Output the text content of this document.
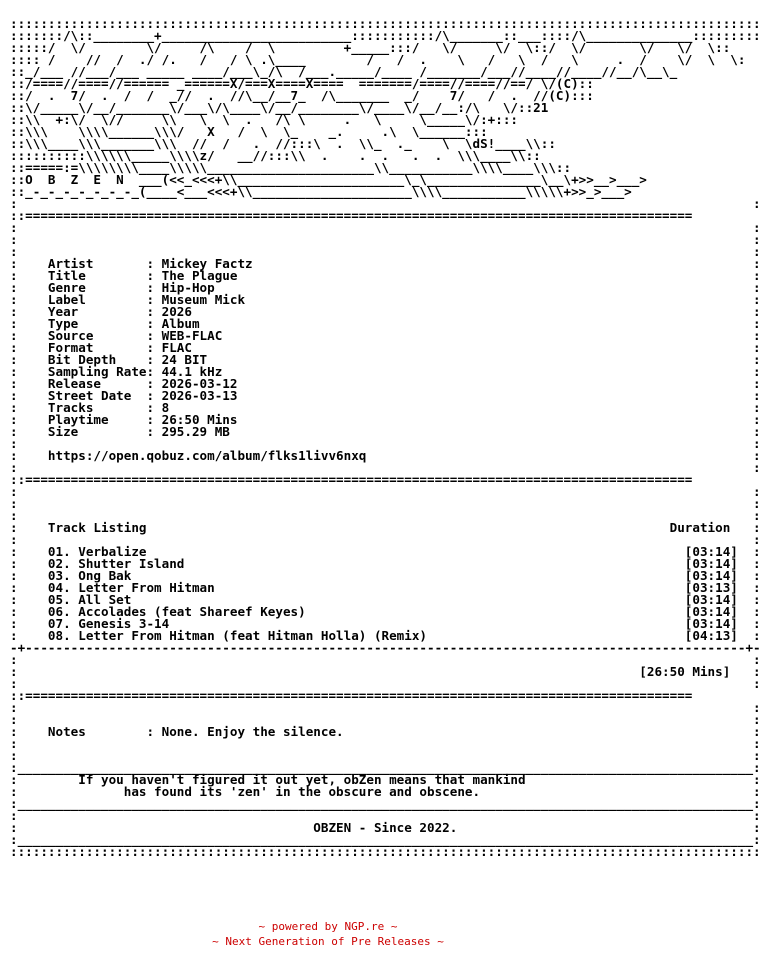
:::::::::::::::::::::::::::::::::::::::::::::::::::::::::::::::::::::::::::::::::::::::::::::::::::
:::::::/\::________+_________________________:::::::::::/\_______::___::::/\______________:::::::::
:::::/  \/        \/     /\    /  \         +_____:::/   \/     \/  \::/  \/       \/   \/  \::
:::: /    //  /  ./ /.   /   / \ .\____        /   /  .    \   /   \  /   \     .  /    \/  \  \:
::_/___ //___/___ _____ ____/___\_/\  /___._____/____ /_______/___//____//____//__/\__\_
::/====//====//====== _======X/===X====X====  =======/====//====//==/ \/(C)::
::/  .  7/  .  /  /  _//  .  //\__/__7_  /\_______  _/    7/   /  .  //(C):::
::\/_____\/__/_______\/___\/\____\/__/________\/____\/__/__:/\   \/::21
::\\  +:\/  \//     \\   \  \  .   /\ \     .   \     \_____\/:+:::
::\\\    \\\\______\\\/   X   /  \  \_    _.     .\  \______:::
::\\\____\\\_______\\\  //  /   .  //:::\  .  \\_  ._    \  \dS!____\\::
::::::::::\\\\\\_____\\\\z/   __//:::\\  .    .  .   .  .  \\\____\\::
::=====:=\\\\\\\\____\\\\\______________________\\___________\\\\____\\\::
::O  B  Z  E  N  ___(<<_<<<+\\______________________\_\_______________\__\+>>__>___>
::_-_-_-_-_-_-_-_(____<___<<<+\\_____________________\\\\___________\\\\\+>>_>___>
:                                                                                                 :
::========================================================================================
:                                                                                                 :
:                                                                                                 :
:                                                                                                 :
:    Artist       : Mickey Factz                                                                  :
:    Title        : The Plague                                                                    :
:    Genre        : Hip-Hop                                                                       :
:    Label        : Museum Mick                                                                   :
:    Year         : 2026                                                                          :
:    Type         : Album                                                                         :
:    Source       : WEB-FLAC                                                                      :
:    Format       : FLAC                                                                          :
:    Bit Depth    : 24 BIT                                                                        :
:    Sampling Rate: 44.1 kHz                                                                      :
:    Release      : 2026-03-12                                                                    :
:    Street Date  : 2026-03-13                                                                    :
:    Tracks       : 8                                                                             :
:    Playtime     : 26:50 Mins                                                                    :
:    Size         : 295.29 MB                                                                     :
:                                                                                                 :
:    https://open.qobuz.com/album/flks1livv6nxq                                                   :
:                                                                                                 :
::========================================================================================
:                                                                                                 :
:                                                                                                 :
:                                                                                                 :
:    Track Listing                                                                     Duration   :
:                                                                                                 :
:    01. Verbalize                                                                       [03:14]  :
:    02. Shutter Island                                                                  [03:14]  :
:    03. Ong Bak                                                                         [03:14]  :
:    04. Letter From Hitman                                                              [03:13]  :
:    05. All Set                                                                         [03:14]  :
:    06. Accolades (feat Shareef Keyes)                                                  [03:14]  :
:    07. Genesis 3-14                                                                    [03:14]  :
:    08. Letter From Hitman (feat Hitman Holla) (Remix)                                  [04:13]  :
-+-----------------------------------------------------------------------------------------------+-
:                                                                                                 :
:                                                                                  [26:50 Mins]   :
:                                                                                                 :
::========================================================================================
:                                                                                                 :
:                                                                                                 :
:    Notes        : None. Enjoy the silence.                                                      :
:                                                                                                 :
:                                                                                                 :
:_________________________________________________________________________________________________:
:        If you haven't figured it out yet, obZen means that mankind                              :
:              has found its 'zen' in the obscure and obscene.                                    :
:_________________________________________________________________________________________________:
:                                                                                                 :
:                                       OBZEN - Since 2022.                                       :
:_________________________________________________________________________________________________:
:::::::::::::::::::::::::::::::::::::::::::::::::::::::::::::::::::::::::::::::::::::::::::::::::::
~ powered by NGP.re ~
~ Next Generation of Pre Releases ~
